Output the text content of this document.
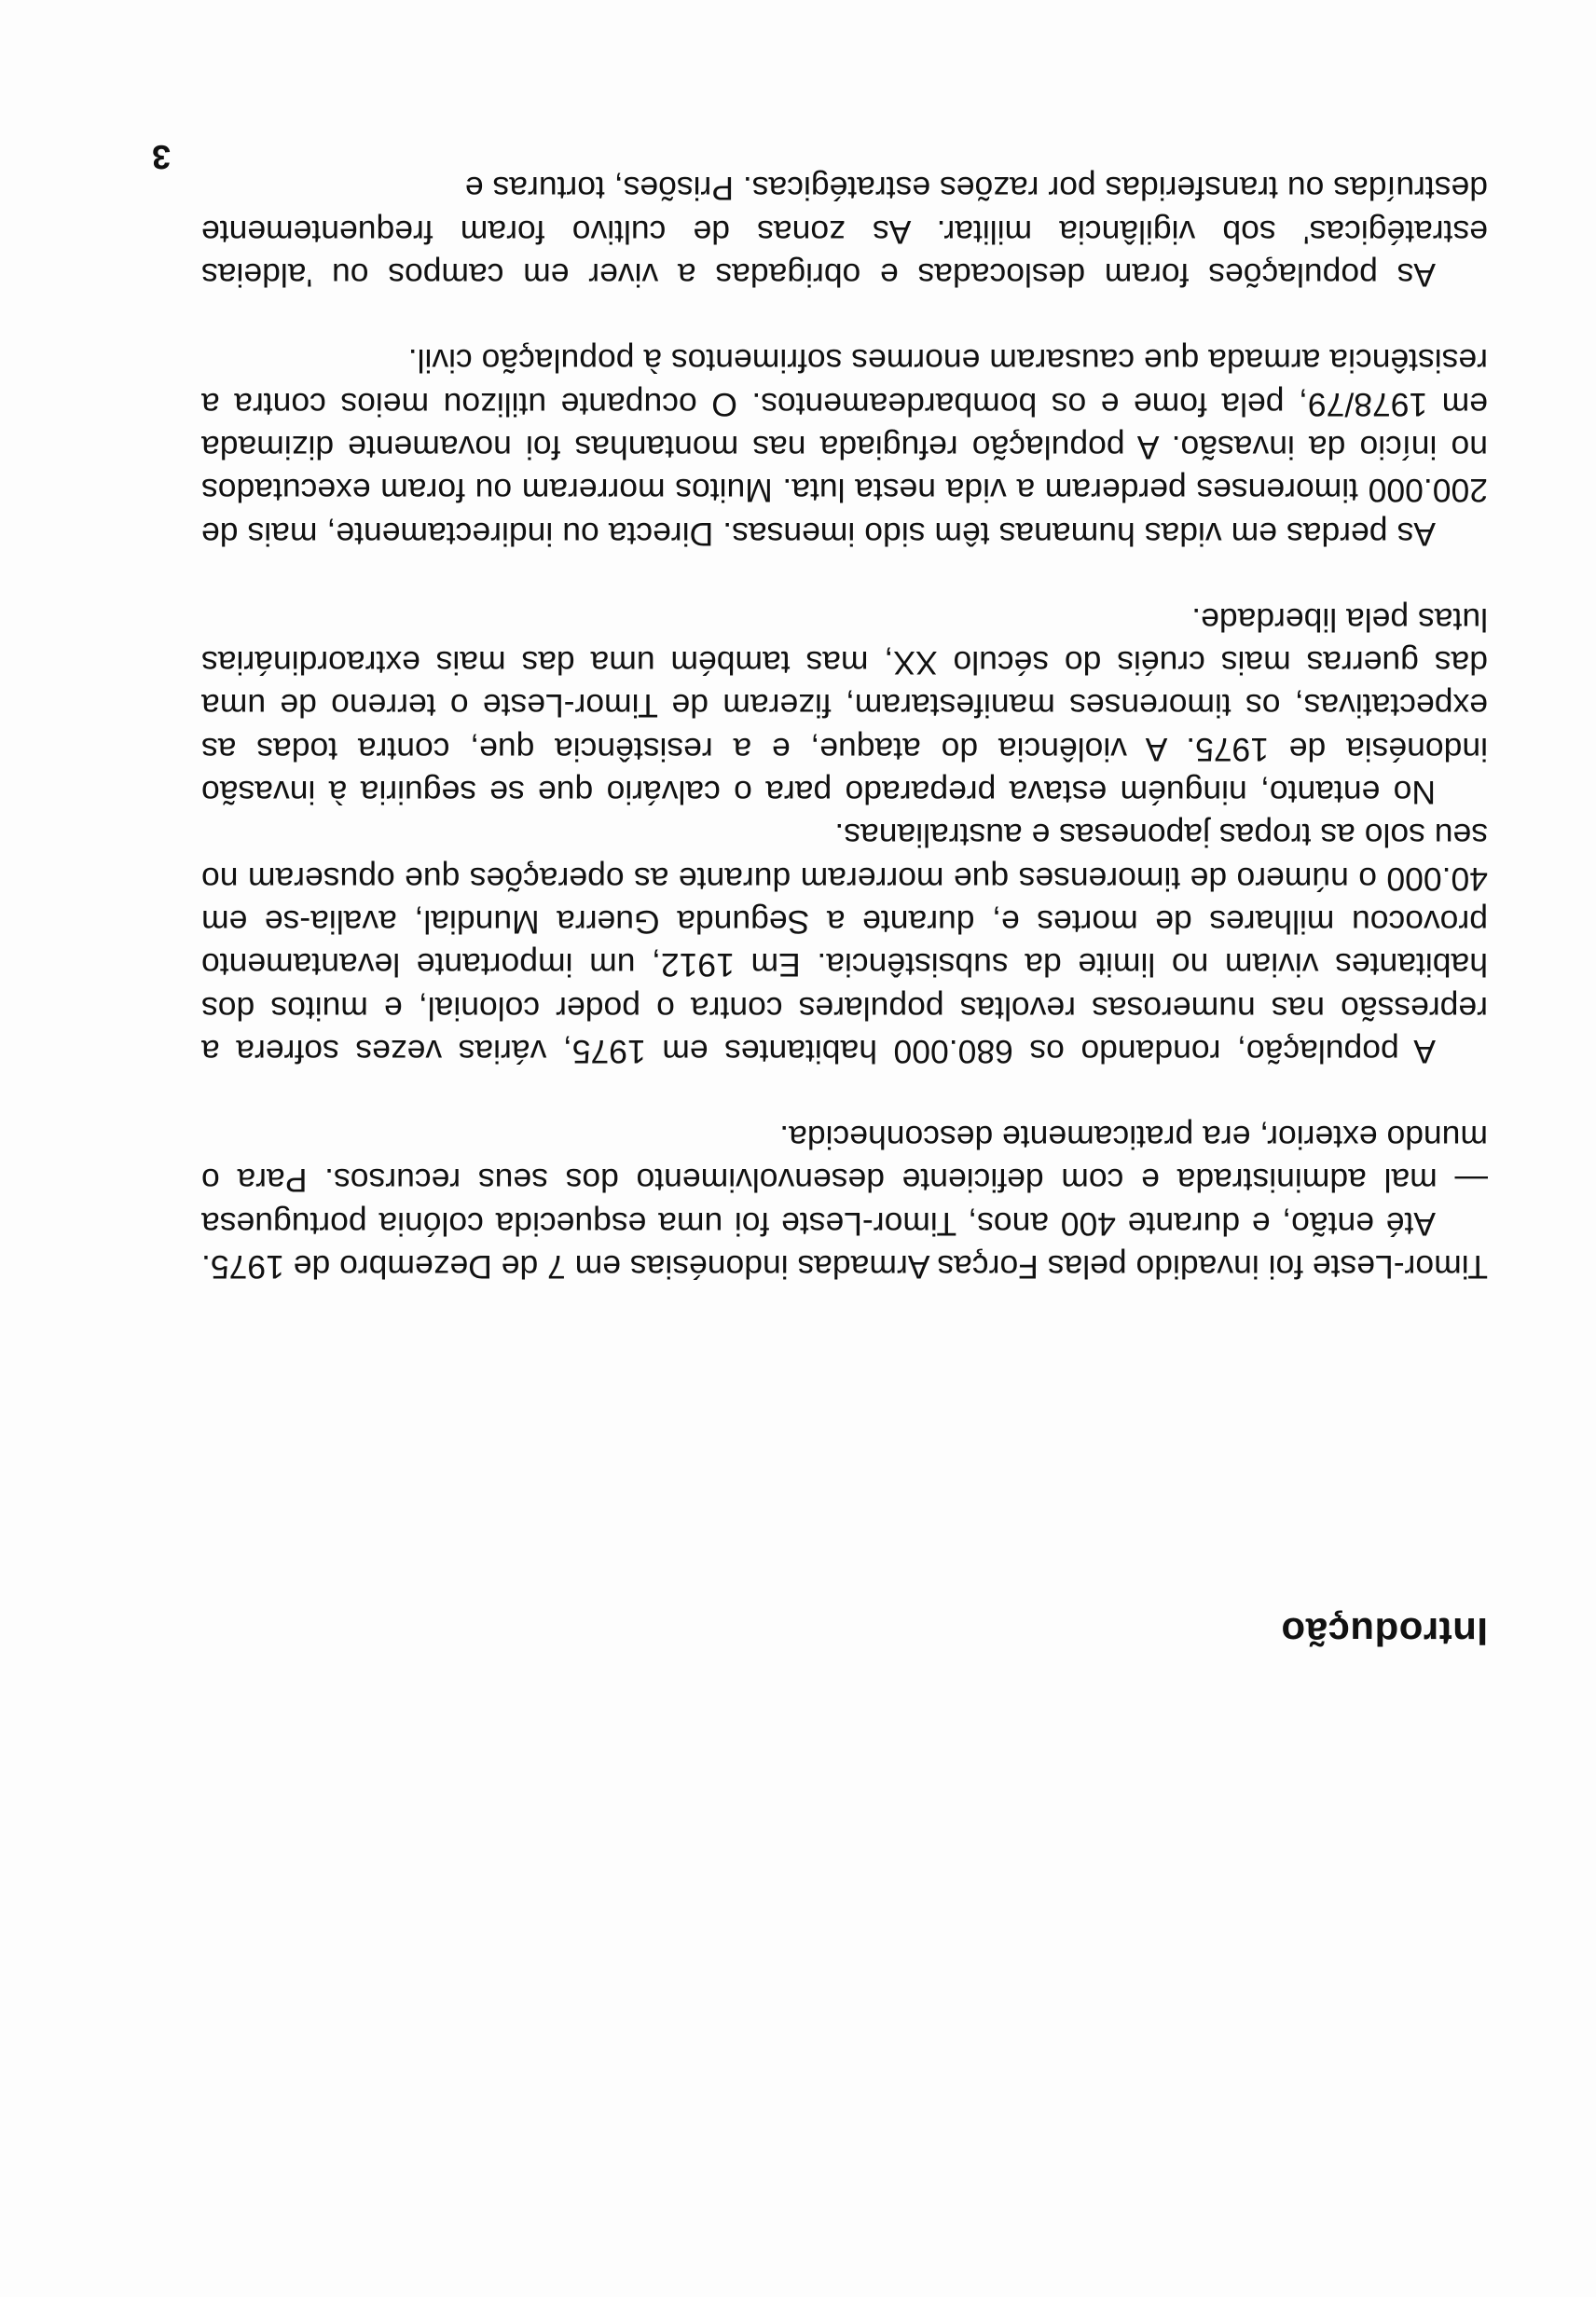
Introdução

Timor-Leste foi invadido pelas Forças Armadas indonésias em 7 de Dezembro de 1975.

Até então, e durante 400 anos, Timor-Leste foi uma esquecida colónia portuguesa — mal administrada e com deficiente desenvolvimento dos seus recursos. Para o mundo exterior, era praticamente desconhecida.

A população, rondando os 680.000 habitantes em 1975, várias vezes sofrera a repressão nas numerosas revoltas populares contra o poder colonial, e muitos dos habitantes viviam no limite da subsistência. Em 1912, um importante levantamento provocou milhares de mortes e, durante a Segunda Guerra Mundial, avalia-se em 40.000 o número de timorenses que morreram durante as operações que opuseram no seu solo as tropas japonesas e australianas.

No entanto, ninguém estava preparado para o calvário que se seguiria à invasão indonésia de 1975. A violência do ataque, e a resistência que, contra todas as expectativas, os timorenses manifestaram, fizeram de Timor-Leste o terreno de uma das guerras mais cruéis do século XX, mas também uma das mais extraordinárias lutas pela liberdade.

As perdas em vidas humanas têm sido imensas. Directa ou indirectamente, mais de 200.000 timorenses perderam a vida nesta luta. Muitos morreram ou foram executados no início da invasão. A população refugiada nas montanhas foi novamente dizimada em 1978/79, pela fome e os bombardeamentos. O ocupante utilizou meios contra a resistência armada que causaram enormes sofrimentos à população civil.

As populações foram deslocadas e obrigadas a viver em campos ou 'aldeias estratégicas' sob vigilância militar. As zonas de cultivo foram frequentemente destruídas ou transferidas por razões estratégicas. Prisões, torturas e

3
